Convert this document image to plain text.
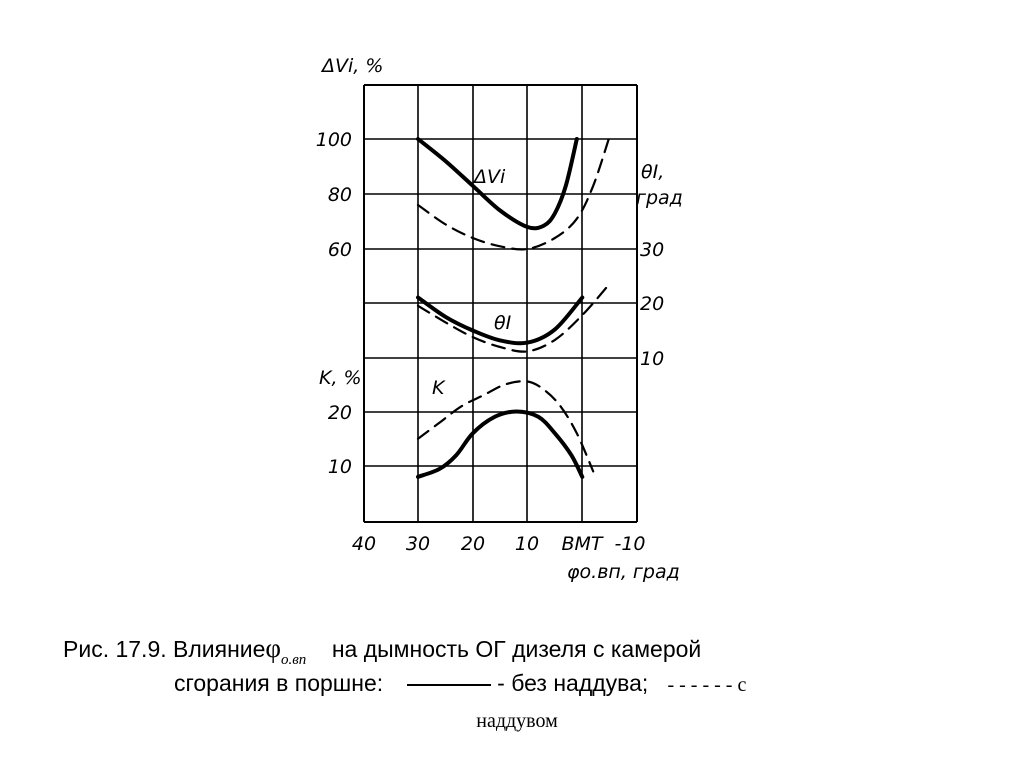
40 30 20 10 ВМТ -10
φо.вп, град
100
80
60
20
10
30
20
10
ΔVi, %
θI,
град
K, %
ΔVi
θI
K
Рис. 17.9. Влияниеφ$_{о.вп}$ на дымность ОГ дизеля с камерой
сгорания в поршне:	- без наддува; - - - - - - с
наддувом
